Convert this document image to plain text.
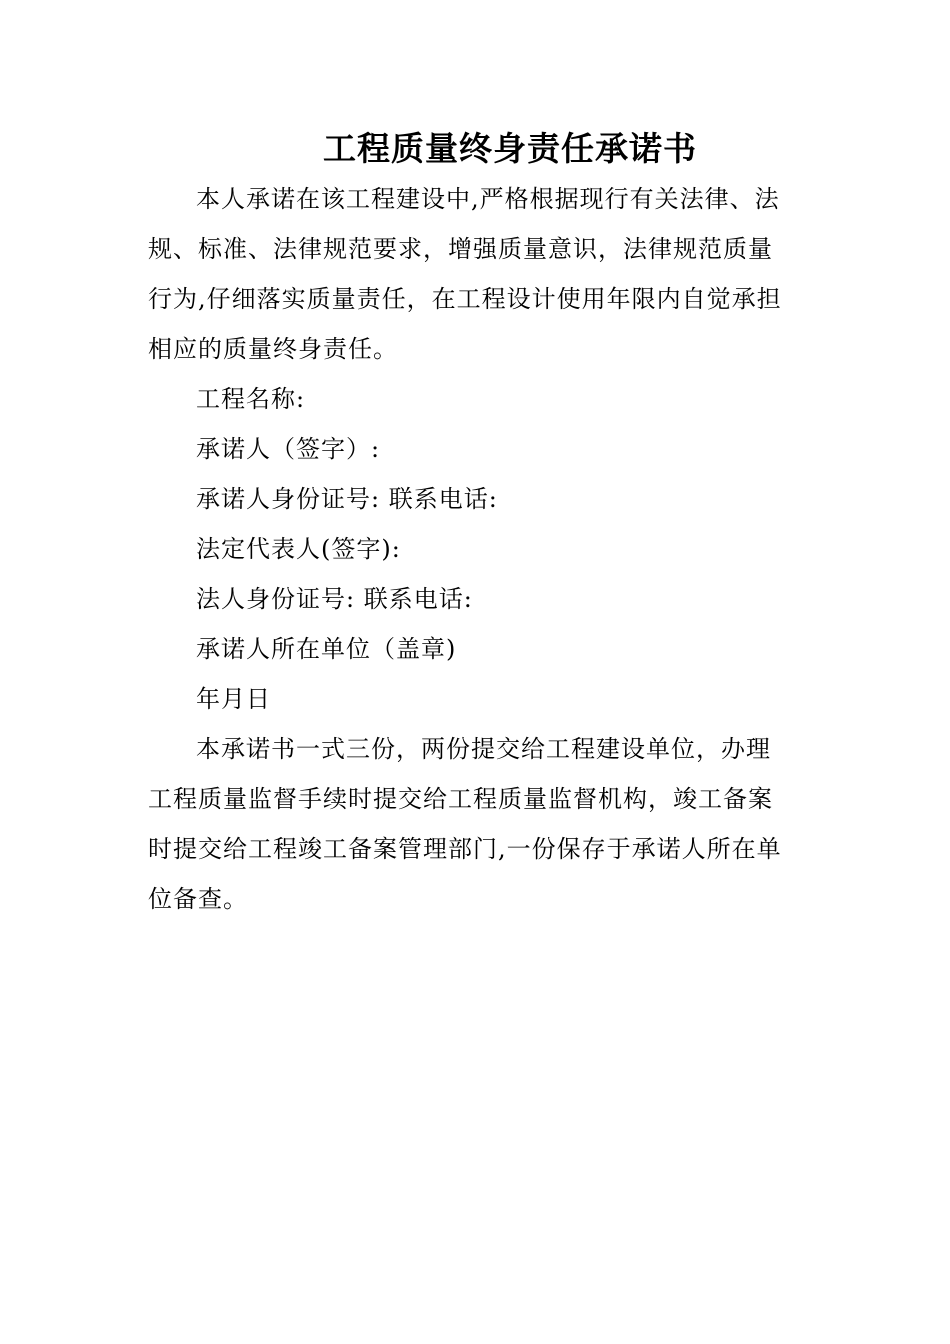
工程质量终身责任承诺书
本人承诺在该工程建设中,严格根据现行有关法律、法
规、标准、法律规范要求，增强质量意识，法律规范质量
行为,仔细落实质量责任，在工程设计使用年限内自觉承担
相应的质量终身责任。
工程名称:
承诺人（签字）:
承诺人身份证号: 联系电话:
法定代表人(签字):
法人身份证号: 联系电话:
承诺人所在单位（盖章)
年月日
本承诺书一式三份，两份提交给工程建设单位，办理
工程质量监督手续时提交给工程质量监督机构，竣工备案
时提交给工程竣工备案管理部门,一份保存于承诺人所在单
位备查。
